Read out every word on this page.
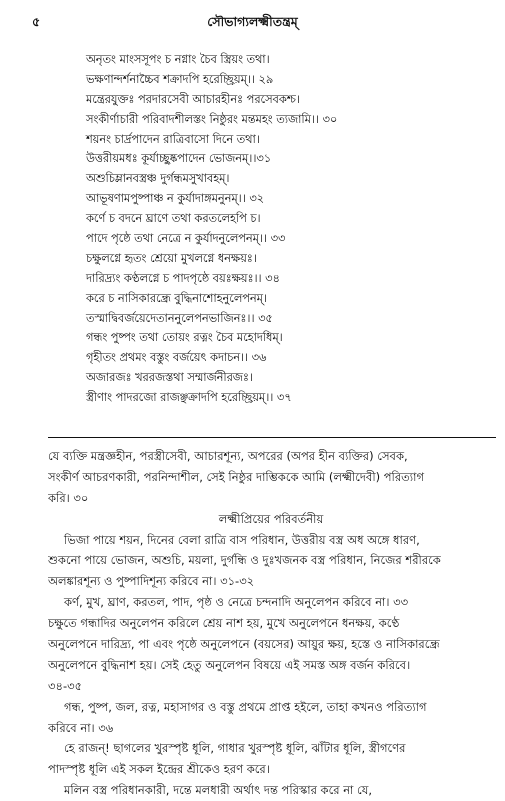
৫	সৌভাগ্যলক্ষ্মীতন্ত্রম্
অনৃতং মাংসসূপং চ নগ্নাং চৈব স্ত্রিয়ং তথা।
ভক্ষণান্দর্শনাচ্চৈব শক্রাদপি হরেচ্ছ্রিয়ম্।। ২৯
মন্ত্রেরযুক্তঃ পরদারসেবী আচারহীনঃ পরসেবকশ্চ।
সংকীর্ণাচারী পরিবাদশীলস্তং নিষ্ঠুরং মন্তমহং ত্যজামি।। ৩০
শয়নং চার্দ্রপাদেন রাত্রিবাসো দিনে তথা।
উত্তরীয়মধঃ কূর্যাচ্ছুষ্কপাদেন ভোজনম্।।৩১
অশুচিম্লানবস্ত্রঞ্চ দুর্গন্ধমসুখাবহম্।
আভূষণামপুষ্পাঞ্চ ন কুর্যাদাঙ্গমনুনম্।। ৩২
কর্ণে চ বদনে ঘ্রাণে তথা করতলেহপি চ।
পাদে পৃষ্ঠে তথা নেত্রে ন কুর্যাদনুলেপনম্।। ৩৩
চক্ষুলগ্নে হৃতং শ্রেয়ো মুখলগ্নে ধনক্ষয়ঃ।
দারিদ্র্যং কণ্ঠলগ্নে চ পাদপৃষ্ঠে বয়ঃক্ষয়ঃ।। ৩৪
করে চ নাসিকারন্ধ্রে বুদ্ধিনাশোহনুলেপনম্।
তস্মাদ্বিবর্জয়েদেতাননুলেপনভাজিনঃ।। ৩৫
গন্ধং পুষ্পং তথা তোয়ং রত্নং চৈব মহোদধিম্।
গৃহীতং প্রথমং বস্তুং বর্জয়েৎ কদাচন।। ৩৬
অজারজঃ খররজস্তথা সম্মার্জনীরজঃ।
স্ত্রীণাং পাদরজো রাজঞ্ছক্রাদপি হরেচ্ছ্রিয়ম্।। ৩৭
যে ব্যক্তি মন্ত্রজ্ঞহীন, পরস্ত্রীসেবী, আচারশূন্য, অপরের (অপর হীন ব্যক্তির) সেবক,
সংকীর্ণ আচরণকারী, পরনিন্দাশীল, সেই নিষ্ঠুর দাম্ভিককে আমি (লক্ষ্মীদেবী) পরিত্যাগ
করি। ৩০
লক্ষ্মীপ্রিয়ের পরিবর্তনীয়
ভিজা পায়ে শয়ন, দিনের বেলা রাত্রি বাস পরিধান, উত্তরীয় বস্ত্র অধ অঙ্গে ধারণ,
শুকনো পায়ে ভোজন, অশুচি, ময়লা, দুর্গন্ধি ও দুঃখজনক বস্ত্র পরিধান, নিজের শরীরকে
অলঙ্কারশূন্য ও পুষ্পাদিশূন্য করিবে না। ৩১-৩২
কর্ণ, মুখ, ঘ্রাণ, করতল, পাদ, পৃষ্ঠ ও নেত্রে চন্দনাদি অনুলেপন করিবে না। ৩৩
চক্ষুতে গন্ধাদির অনুলেপন করিলে শ্রেয় নাশ হয়, মুখে অনুলেপনে ধনক্ষয়, কণ্ঠে
অনুলেপনে দারিদ্র্য, পা এবং পৃষ্ঠে অনুলেপনে (বয়সের) আয়ুর ক্ষয়, হস্তে ও নাসিকারন্ধ্রে
অনুলেপনে বুদ্ধিনাশ হয়। সেই হেতু অনুলেপন বিষয়ে এই সমস্ত অঙ্গ বর্জন করিবে।
৩৪-৩৫
গন্ধ, পুষ্প, জল, রত্ন, মহাসাগর ও বস্তু প্রথমে প্রাপ্ত হইলে, তাহা কখনও পরিত্যাগ
করিবে না। ৩৬
হে রাজন্! ছাগলের খুরস্পৃষ্ট ধূলি, গাধার খুরস্পৃষ্ট ধূলি, ঝাঁটার ধূলি, স্ত্রীগণের
পাদস্পৃষ্ট ধূলি এই সকল ইন্দ্রের শ্রীকেও হরণ করে।
মলিন বস্ত্র পরিধানকারী, দন্তে মলধারী অর্থাৎ দন্ত পরিস্কার করে না যে,
